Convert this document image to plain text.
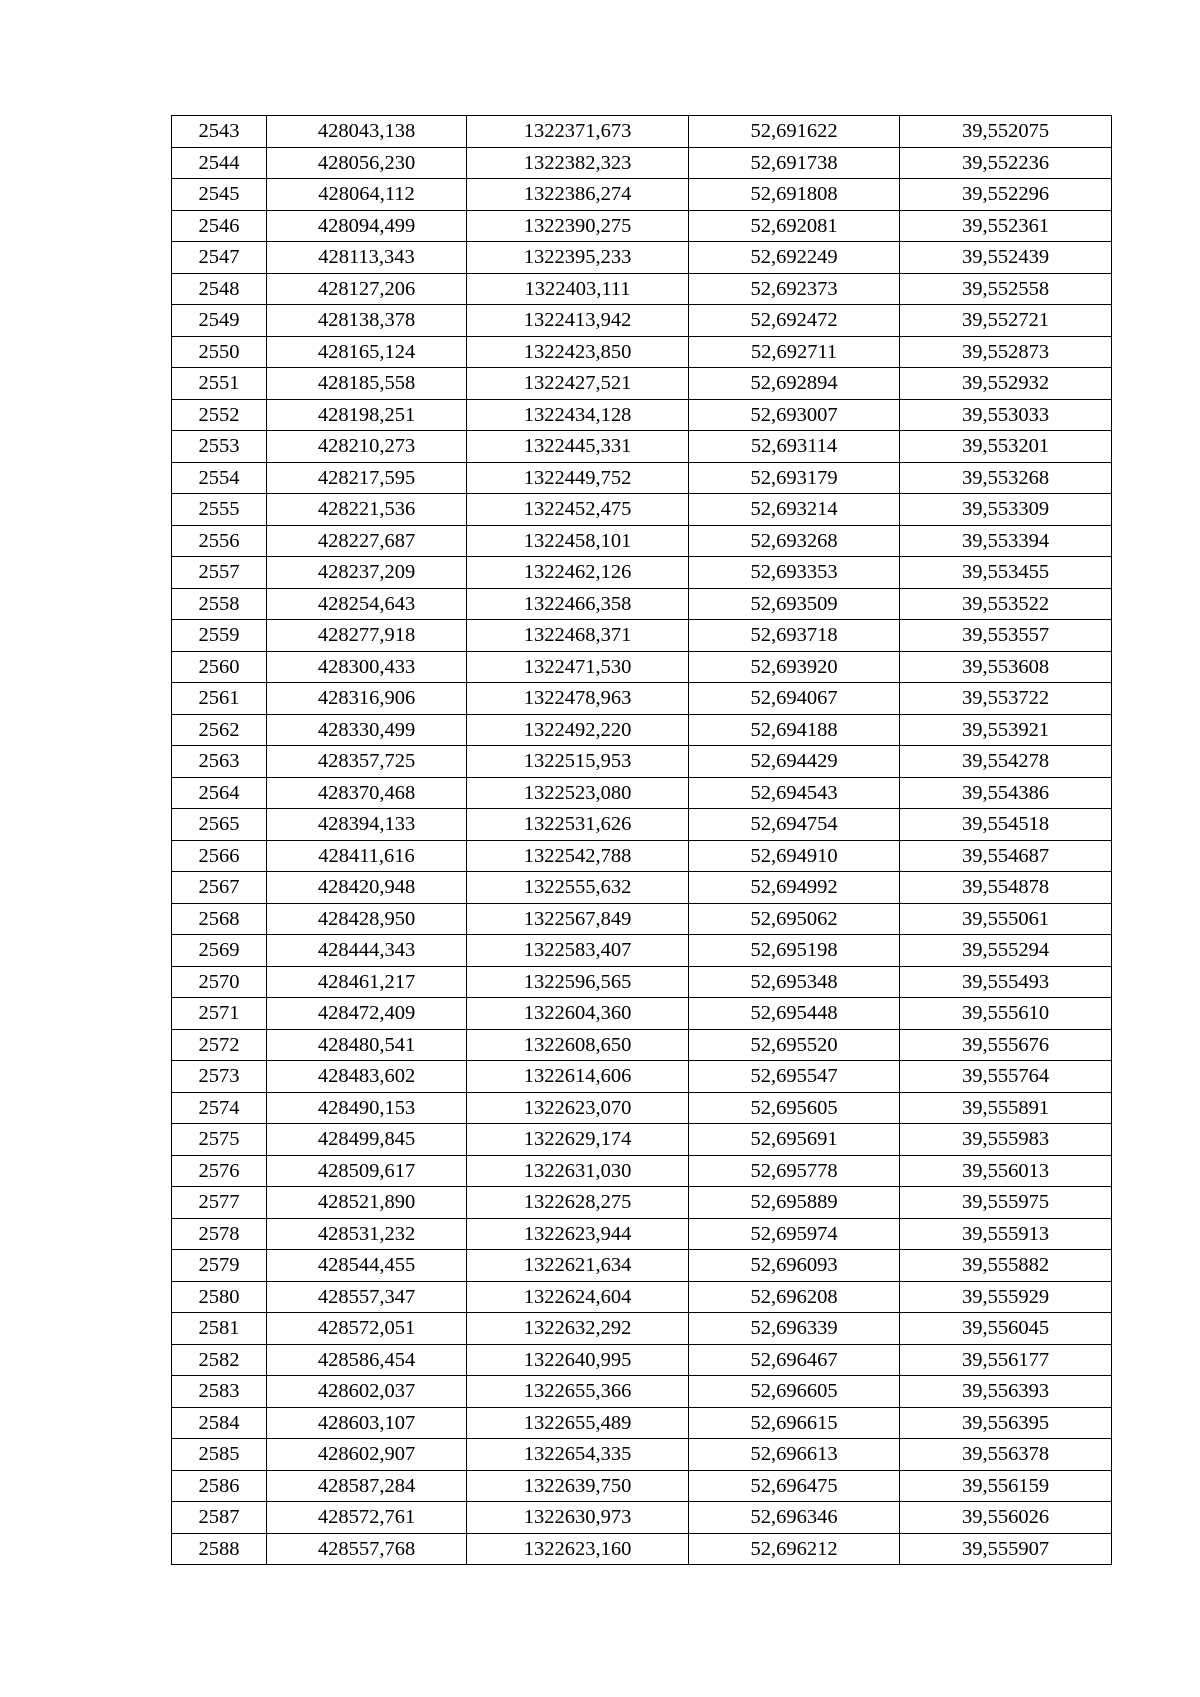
2543	428043,138	1322371,673	52,691622	39,552075
2544	428056,230	1322382,323	52,691738	39,552236
2545	428064,112	1322386,274	52,691808	39,552296
2546	428094,499	1322390,275	52,692081	39,552361
2547	428113,343	1322395,233	52,692249	39,552439
2548	428127,206	1322403,111	52,692373	39,552558
2549	428138,378	1322413,942	52,692472	39,552721
2550	428165,124	1322423,850	52,692711	39,552873
2551	428185,558	1322427,521	52,692894	39,552932
2552	428198,251	1322434,128	52,693007	39,553033
2553	428210,273	1322445,331	52,693114	39,553201
2554	428217,595	1322449,752	52,693179	39,553268
2555	428221,536	1322452,475	52,693214	39,553309
2556	428227,687	1322458,101	52,693268	39,553394
2557	428237,209	1322462,126	52,693353	39,553455
2558	428254,643	1322466,358	52,693509	39,553522
2559	428277,918	1322468,371	52,693718	39,553557
2560	428300,433	1322471,530	52,693920	39,553608
2561	428316,906	1322478,963	52,694067	39,553722
2562	428330,499	1322492,220	52,694188	39,553921
2563	428357,725	1322515,953	52,694429	39,554278
2564	428370,468	1322523,080	52,694543	39,554386
2565	428394,133	1322531,626	52,694754	39,554518
2566	428411,616	1322542,788	52,694910	39,554687
2567	428420,948	1322555,632	52,694992	39,554878
2568	428428,950	1322567,849	52,695062	39,555061
2569	428444,343	1322583,407	52,695198	39,555294
2570	428461,217	1322596,565	52,695348	39,555493
2571	428472,409	1322604,360	52,695448	39,555610
2572	428480,541	1322608,650	52,695520	39,555676
2573	428483,602	1322614,606	52,695547	39,555764
2574	428490,153	1322623,070	52,695605	39,555891
2575	428499,845	1322629,174	52,695691	39,555983
2576	428509,617	1322631,030	52,695778	39,556013
2577	428521,890	1322628,275	52,695889	39,555975
2578	428531,232	1322623,944	52,695974	39,555913
2579	428544,455	1322621,634	52,696093	39,555882
2580	428557,347	1322624,604	52,696208	39,555929
2581	428572,051	1322632,292	52,696339	39,556045
2582	428586,454	1322640,995	52,696467	39,556177
2583	428602,037	1322655,366	52,696605	39,556393
2584	428603,107	1322655,489	52,696615	39,556395
2585	428602,907	1322654,335	52,696613	39,556378
2586	428587,284	1322639,750	52,696475	39,556159
2587	428572,761	1322630,973	52,696346	39,556026
2588	428557,768	1322623,160	52,696212	39,555907
